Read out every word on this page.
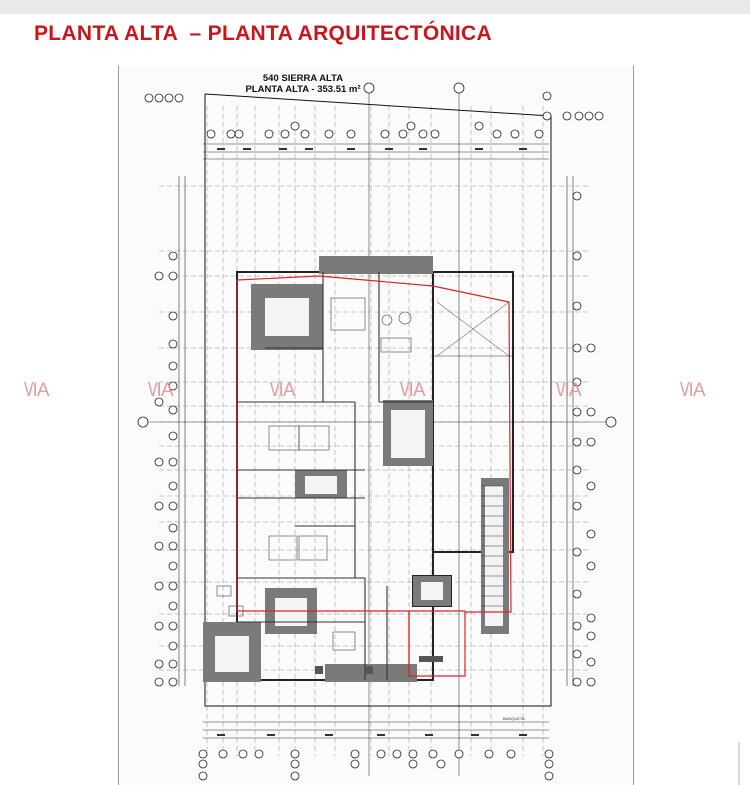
PLANTA ALTA  – PLANTA ARQUITECTÓNICA
540 SIERRA ALTA
PLANTA ALTA - 353.51 m²
BANQUETA
\/IA	\/IA	\/IA	\/IA	\/IA	\/IA
